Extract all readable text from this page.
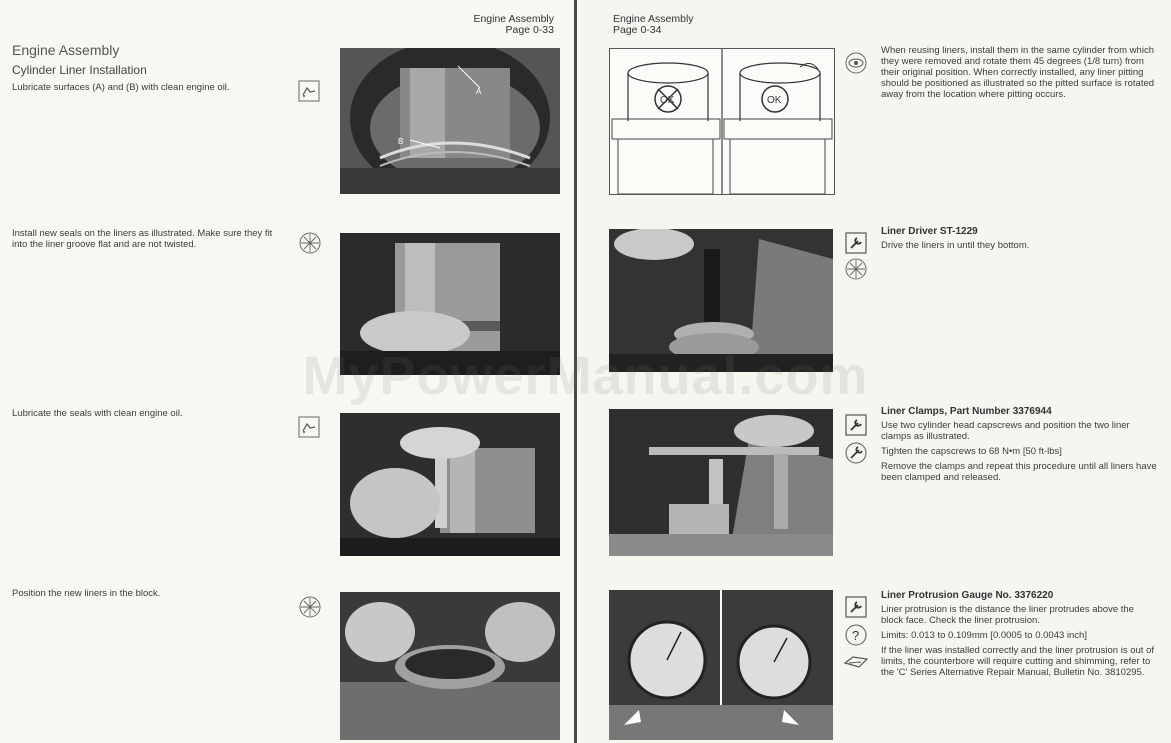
Engine Assembly
Page 0-33
Engine Assembly
Cylinder Liner Installation
Lubricate surfaces (A) and (B) with clean engine oil.	A
B
Install new seals on the liners as illustrated. Make sure they fit into the liner groove flat and are not twisted.
Lubricate the seals with clean engine oil.
Position the new liners in the block.
Engine Assembly
Page 0-34
OK	OK

When reusing liners, install them in the same cylinder from which they were removed and rotate them 45 degrees (1/8 turn) from their original position. When correctly installed, any liner pitting should be positioned as illustrated so the pitted surface is rotated away from the location where pitting occurs.

Liner Driver ST-1229

Drive the liners in until they bottom.

Liner Clamps, Part Number 3376944

Use two cylinder head capscrews and position the two liner clamps as illustrated.

Tighten the capscrews to 68 N•m [50 ft-lbs]

Remove the clamps and repeat this procedure until all liners have been clamped and released.

?
Liner Protrusion Gauge No. 3376220

Liner protrusion is the distance the liner protrudes above the block face. Check the liner protrusion.

Limits: 0.013 to 0.109mm [0.0005 to 0.0043 inch]

If the liner was installed correctly and the liner protrusion is out of limits, the counterbore will require cutting and shimming, refer to the 'C' Series Alternative Repair Manual, Bulletin No. 3810295.

MyPowerManual.com
